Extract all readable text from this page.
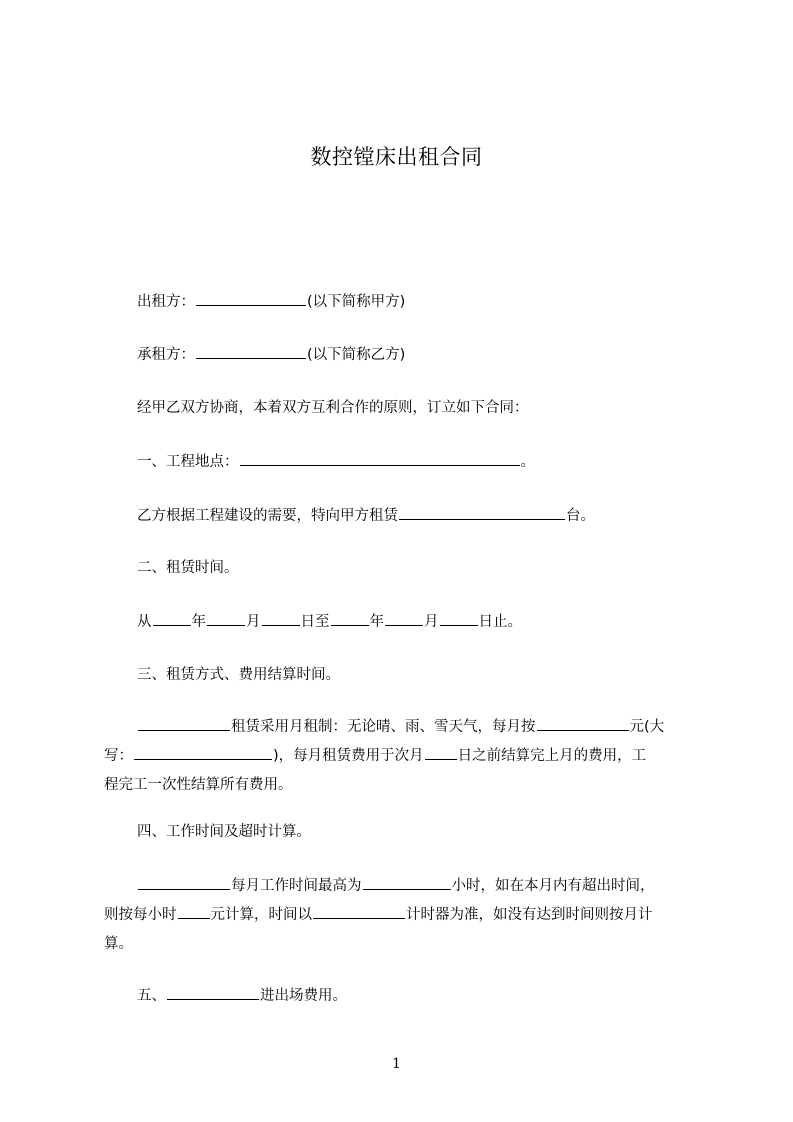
数控镗床出租合同
出租方：	(以下简称甲方)
承租方：	(以下简称乙方)
经甲乙双方协商，本着双方互利合作的原则，订立如下合同：
一、工程地点：	。
乙方根据工程建设的需要，特向甲方租赁	台。
二、租赁时间。
从	年	月	日至	年	月	日止。
三、租赁方式、费用结算时间。
租赁采用月租制：无论晴、雨、雪天气，每月按	元(大
写：	)，每月租赁费用于次月 日之前结算完上月的费用，工
程完工一次性结算所有费用。
四、工作时间及超时计算。
每月工作时间最高为	小时，如在本月内有超出时间，
则按每小时 元计算，时间以	计时器为准，如没有达到时间则按月计
算。
五、	进出场费用。
1
